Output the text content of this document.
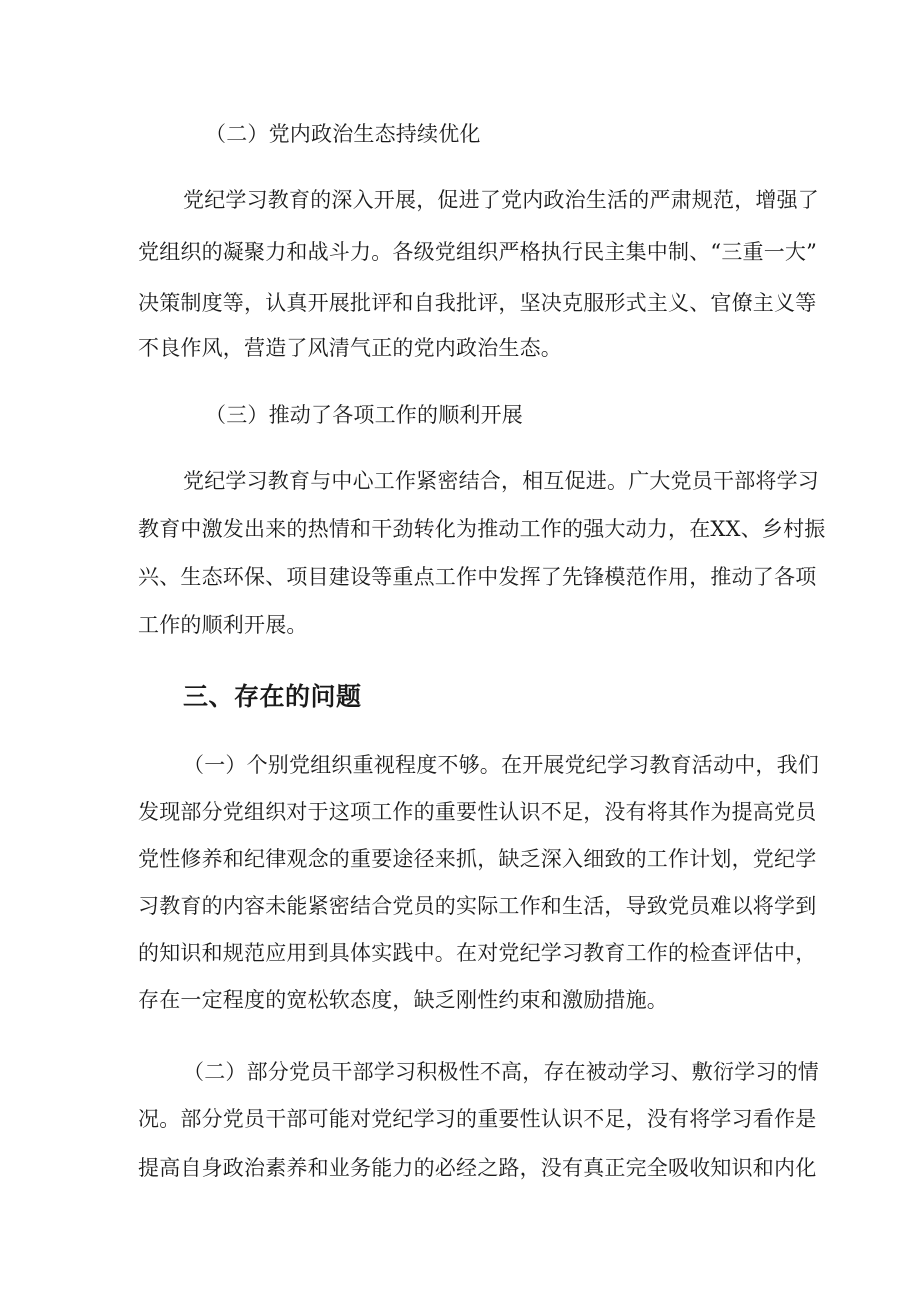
（二）党内政治生态持续优化
党纪学习教育的深入开展，促进了党内政治生活的严肃规范，增强了
党组织的凝聚力和战斗力。各级党组织严格执行民主集中制、“三重一大”
决策制度等，认真开展批评和自我批评，坚决克服形式主义、官僚主义等
不良作风，营造了风清气正的党内政治生态。
（三）推动了各项工作的顺利开展
党纪学习教育与中心工作紧密结合，相互促进。广大党员干部将学习
教育中激发出来的热情和干劲转化为推动工作的强大动力，在XX、乡村振
兴、生态环保、项目建设等重点工作中发挥了先锋模范作用，推动了各项
工作的顺利开展。
三、存在的问题
（一）个别党组织重视程度不够。在开展党纪学习教育活动中，我们
发现部分党组织对于这项工作的重要性认识不足，没有将其作为提高党员
党性修养和纪律观念的重要途径来抓，缺乏深入细致的工作计划，党纪学
习教育的内容未能紧密结合党员的实际工作和生活，导致党员难以将学到
的知识和规范应用到具体实践中。在对党纪学习教育工作的检查评估中，
存在一定程度的宽松软态度，缺乏刚性约束和激励措施。
（二）部分党员干部学习积极性不高，存在被动学习、敷衍学习的情
况。部分党员干部可能对党纪学习的重要性认识不足，没有将学习看作是
提高自身政治素养和业务能力的必经之路，没有真正完全吸收知识和内化
